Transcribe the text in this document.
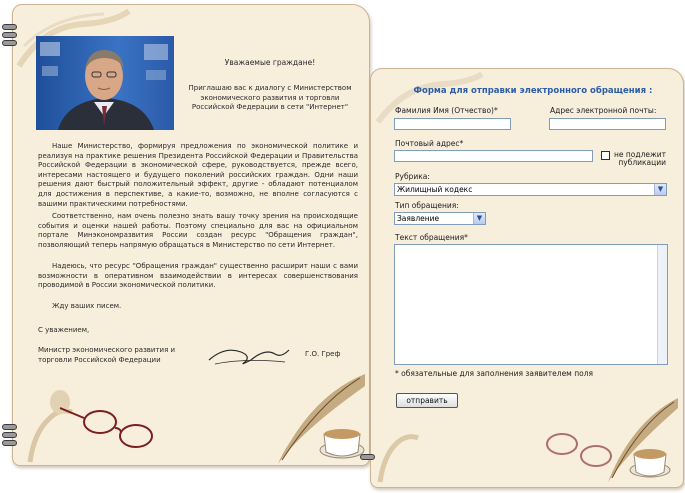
Уважаемые граждане!
Приглашаю вас к диалогу с Министерством экономического развития и торговли Российской Федерации в сети "Интернет"
Наше Министерство, формируя предложения по экономической политике и реализуя на практике решения Президента Российской Федерации и Правительства Российской Федерации в экономической сфере, руководствуется, прежде всего, интересами настоящего и будущего поколений российских граждан. Одни наши решения дают быстрый положительный эффект, другие - обладают потенциалом для достижения в перспективе, а какие-то, возможно, не вполне согласуются с вашими практическими потребностями.
Соответственно, нам очень полезно знать вашу точку зрения на происходящие события и оценки нашей работы. Поэтому специально для вас на официальном портале Минэкономразвития России создан ресурс "Обращения граждан", позволяющий теперь напрямую обращаться в Министерство по сети Интернет.
Надеюсь, что ресурс "Обращения граждан" существенно расширит наши с вами возможности в оперативном взаимодействии в интересах совершенствования проводимой в России экономической политики.
Жду ваших писем.
С уважением,
Министр экономического развития и торговли Российской Федерации
Г.О. Греф
Форма для отправки электронного обращения :
Фамилия Имя (Отчество)*	Адрес электронной почты:
Почтовый адрес*
не подлежит
публикации
Рубрика:
Жилищный кодекс	▼
Тип обращения:
Заявление	▼
Текст обращения*
* обязательные для заполнения заявителем поля
отправить
